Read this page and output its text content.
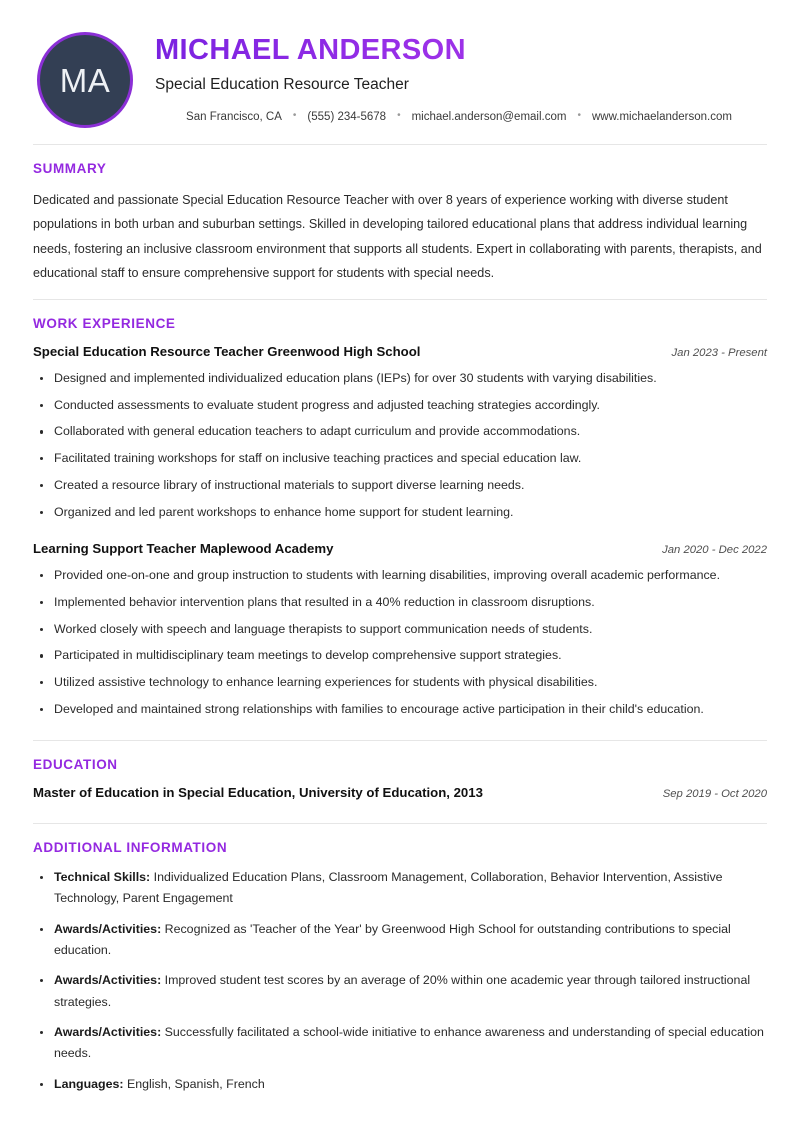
MA
MICHAEL ANDERSON
Special Education Resource Teacher
San Francisco, CA	• (555) 234-5678	• michael.anderson@email.com	• www.michaelanderson.com
SUMMARY

Dedicated and passionate Special Education Resource Teacher with over 8 years of experience working with diverse student populations in both urban and suburban settings. Skilled in developing tailored educational plans that address individual learning needs, fostering an inclusive classroom environment that supports all students. Expert in collaborating with parents, therapists, and educational staff to ensure comprehensive support for students with special needs.

WORK EXPERIENCE
Special Education Resource Teacher Greenwood High School	Jan 2023 - Present
Designed and implemented individualized education plans (IEPs) for over 30 students with varying disabilities.
Conducted assessments to evaluate student progress and adjusted teaching strategies accordingly.
Collaborated with general education teachers to adapt curriculum and provide accommodations.
Facilitated training workshops for staff on inclusive teaching practices and special education law.
Created a resource library of instructional materials to support diverse learning needs.
Organized and led parent workshops to enhance home support for student learning.
Learning Support Teacher Maplewood Academy	Jan 2020 - Dec 2022
Provided one-on-one and group instruction to students with learning disabilities, improving overall academic performance.
Implemented behavior intervention plans that resulted in a 40% reduction in classroom disruptions.
Worked closely with speech and language therapists to support communication needs of students.
Participated in multidisciplinary team meetings to develop comprehensive support strategies.
Utilized assistive technology to enhance learning experiences for students with physical disabilities.
Developed and maintained strong relationships with families to encourage active participation in their child's education.
EDUCATION
Master of Education in Special Education, University of Education, 2013	Sep 2019 - Oct 2020
ADDITIONAL INFORMATION
Technical Skills: Individualized Education Plans, Classroom Management, Collaboration, Behavior Intervention, Assistive Technology, Parent Engagement
Awards/Activities: Recognized as 'Teacher of the Year' by Greenwood High School for outstanding contributions to special education.
Awards/Activities: Improved student test scores by an average of 20% within one academic year through tailored instructional strategies.
Awards/Activities: Successfully facilitated a school-wide initiative to enhance awareness and understanding of special education needs.
Languages: English, Spanish, French
